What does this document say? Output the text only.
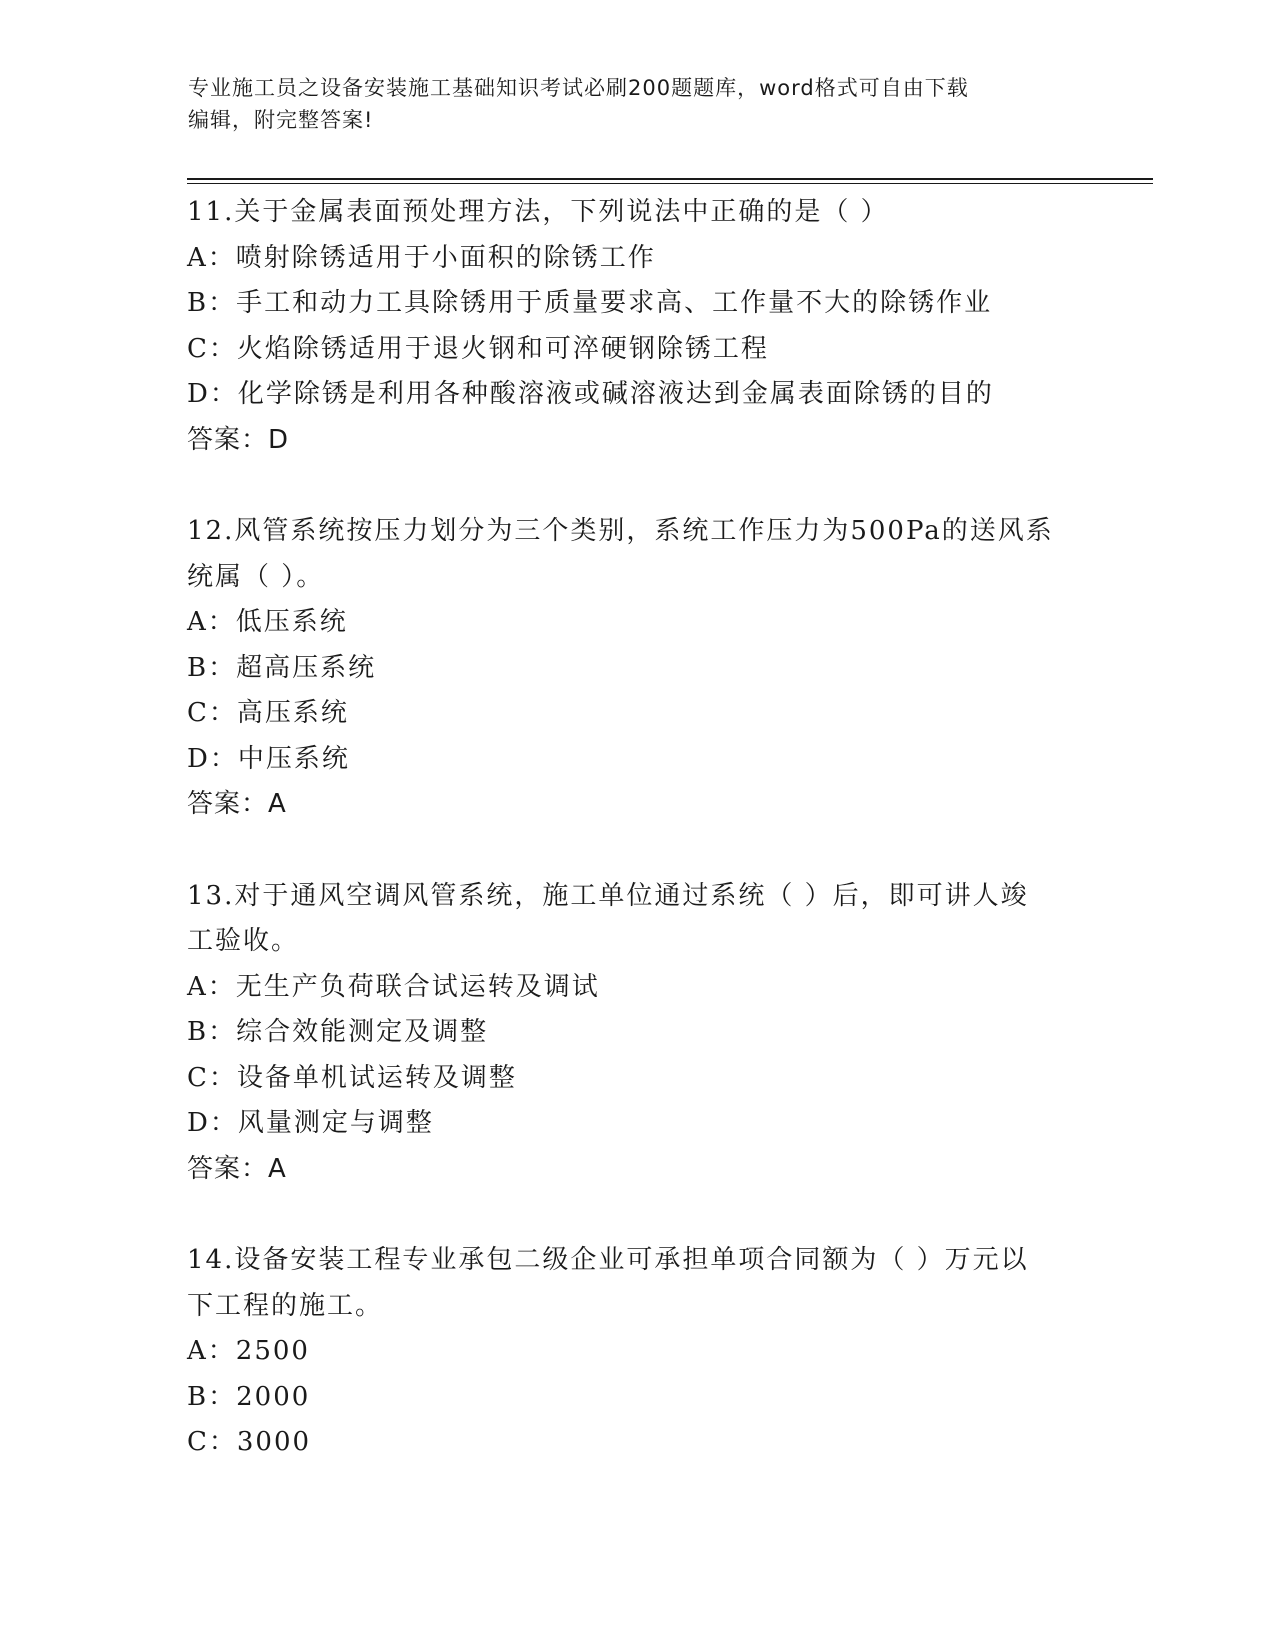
专业施工员之设备安装施工基础知识考试必刷200题题库，word格式可自由下载
编辑，附完整答案!
11.关于金属表面预处理方法，下列说法中正确的是（ ）
A：喷射除锈适用于小面积的除锈工作
B：手工和动力工具除锈用于质量要求高、工作量不大的除锈作业
C：火焰除锈适用于退火钢和可淬硬钢除锈工程
D：化学除锈是利用各种酸溶液或碱溶液达到金属表面除锈的目的
答案：D
12.风管系统按压力划分为三个类别，系统工作压力为500Pa的送风系
统属（ ）。
A：低压系统
B：超高压系统
C：高压系统
D：中压系统
答案：A
13.对于通风空调风管系统，施工单位通过系统（ ）后，即可讲人竣
工验收。
A：无生产负荷联合试运转及调试
B：综合效能测定及调整
C：设备单机试运转及调整
D：风量测定与调整
答案：A
14.设备安装工程专业承包二级企业可承担单项合同额为（ ）万元以
下工程的施工。
A：2500
B：2000
C：3000
